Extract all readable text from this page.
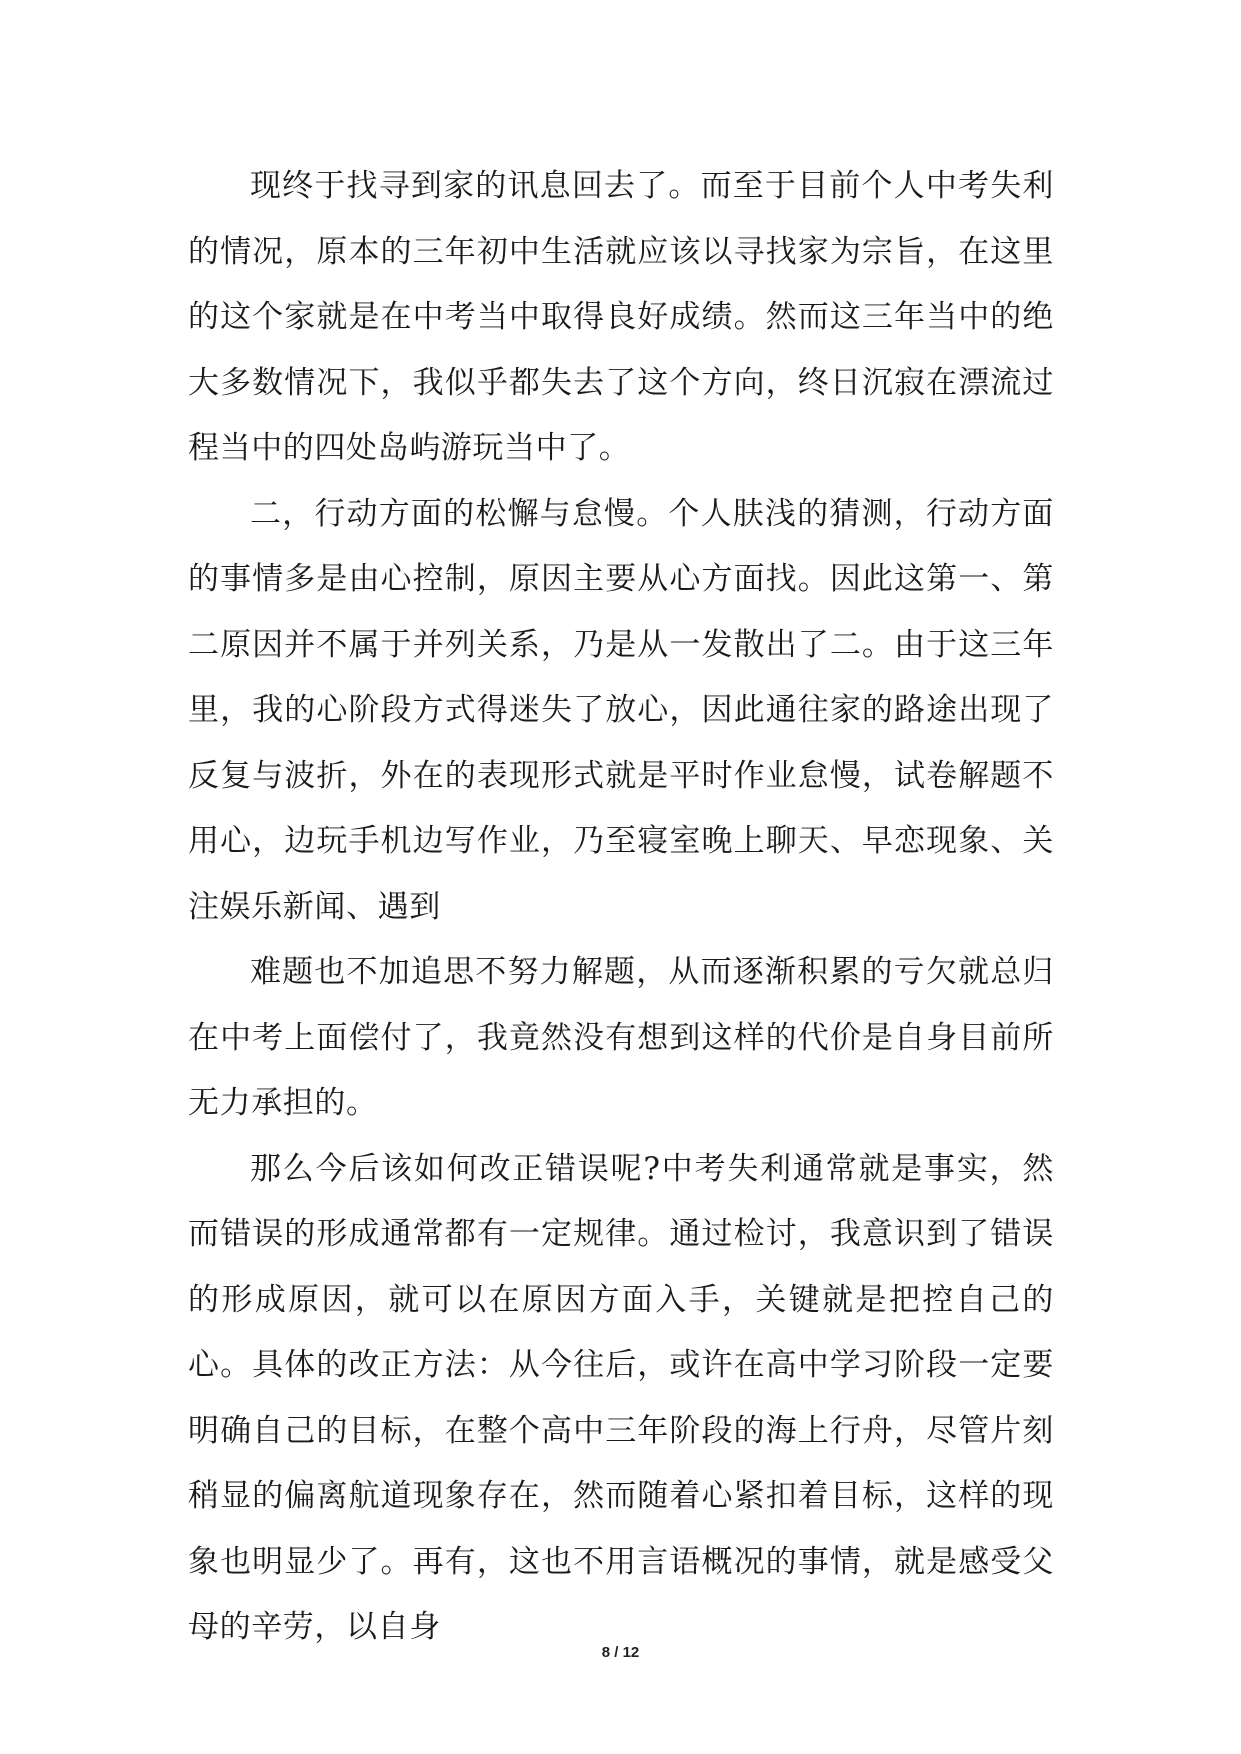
现终于找寻到家的讯息回去了。而至于目前个人中考失利的情况，原本的三年初中生活就应该以寻找家为宗旨，在这里的这个家就是在中考当中取得良好成绩。然而这三年当中的绝大多数情况下，我似乎都失去了这个方向，终日沉寂在漂流过程当中的四处岛屿游玩当中了。

二，行动方面的松懈与怠慢。个人肤浅的猜测，行动方面的事情多是由心控制，原因主要从心方面找。因此这第一、第二原因并不属于并列关系，乃是从一发散出了二。由于这三年里，我的心阶段方式得迷失了放心，因此通往家的路途出现了反复与波折，外在的表现形式就是平时作业怠慢，试卷解题不用心，边玩手机边写作业，乃至寝室晚上聊天、早恋现象、关注娱乐新闻、遇到

难题也不加追思不努力解题，从而逐渐积累的亏欠就总归在中考上面偿付了，我竟然没有想到这样的代价是自身目前所无力承担的。

那么今后该如何改正错误呢?中考失利通常就是事实，然而错误的形成通常都有一定规律。通过检讨，我意识到了错误的形成原因，就可以在原因方面入手，关键就是把控自己的心。具体的改正方法：从今往后，或许在高中学习阶段一定要明确自己的目标，在整个高中三年阶段的海上行舟，尽管片刻稍显的偏离航道现象存在，然而随着心紧扣着目标，这样的现象也明显少了。再有，这也不用言语概况的事情，就是感受父母的辛劳，以自身

8 / 12
